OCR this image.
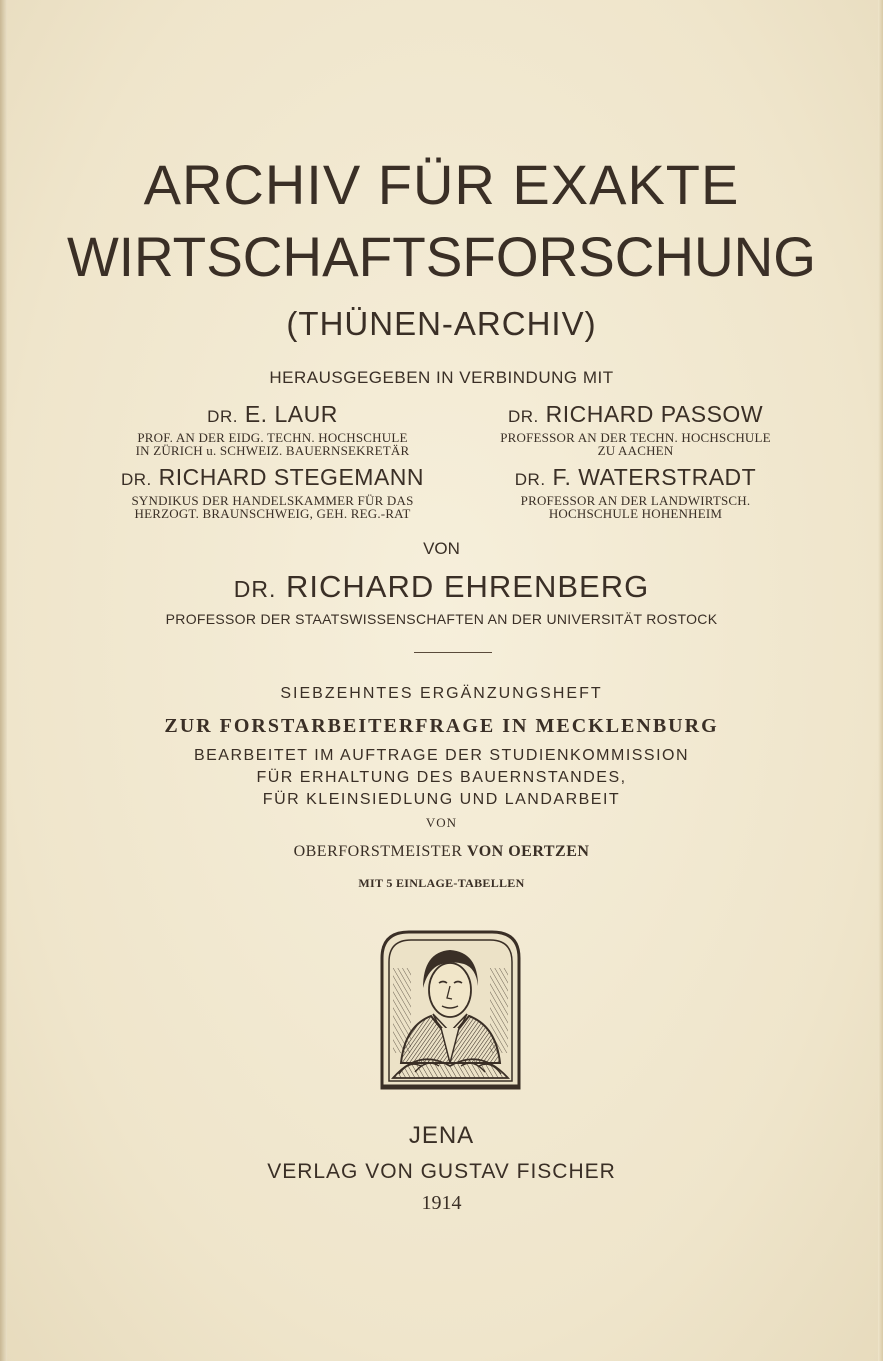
ARCHIV FÜR EXAKTE
WIRTSCHAFTSFORSCHUNG
(THÜNEN-ARCHIV)
HERAUSGEGEBEN IN VERBINDUNG MIT
DR. E. LAUR
PROF. AN DER EIDG. TECHN. HOCHSCHULE
IN ZÜRICH u. SCHWEIZ. BAUERNSEKRETÄR
DR. RICHARD PASSOW
PROFESSOR AN DER TECHN. HOCHSCHULE
ZU AACHEN
DR. RICHARD STEGEMANN
SYNDIKUS DER HANDELSKAMMER FÜR DAS
HERZOGT. BRAUNSCHWEIG, GEH. REG.-RAT
DR. F. WATERSTRADT
PROFESSOR AN DER LANDWIRTSCH.
HOCHSCHULE HOHENHEIM
VON
DR. RICHARD EHRENBERG
PROFESSOR DER STAATSWISSENSCHAFTEN AN DER UNIVERSITÄT ROSTOCK
SIEBZEHNTES ERGÄNZUNGSHEFT
ZUR FORSTARBEITERFRAGE IN MECKLENBURG
BEARBEITET IM AUFTRAGE DER STUDIENKOMMISSION
FÜR ERHALTUNG DES BAUERNSTANDES,
FÜR KLEINSIEDLUNG UND LANDARBEIT
VON
OBERFORSTMEISTER VON OERTZEN
MIT 5 EINLAGE-TABELLEN
JENA
VERLAG VON GUSTAV FISCHER
1914
